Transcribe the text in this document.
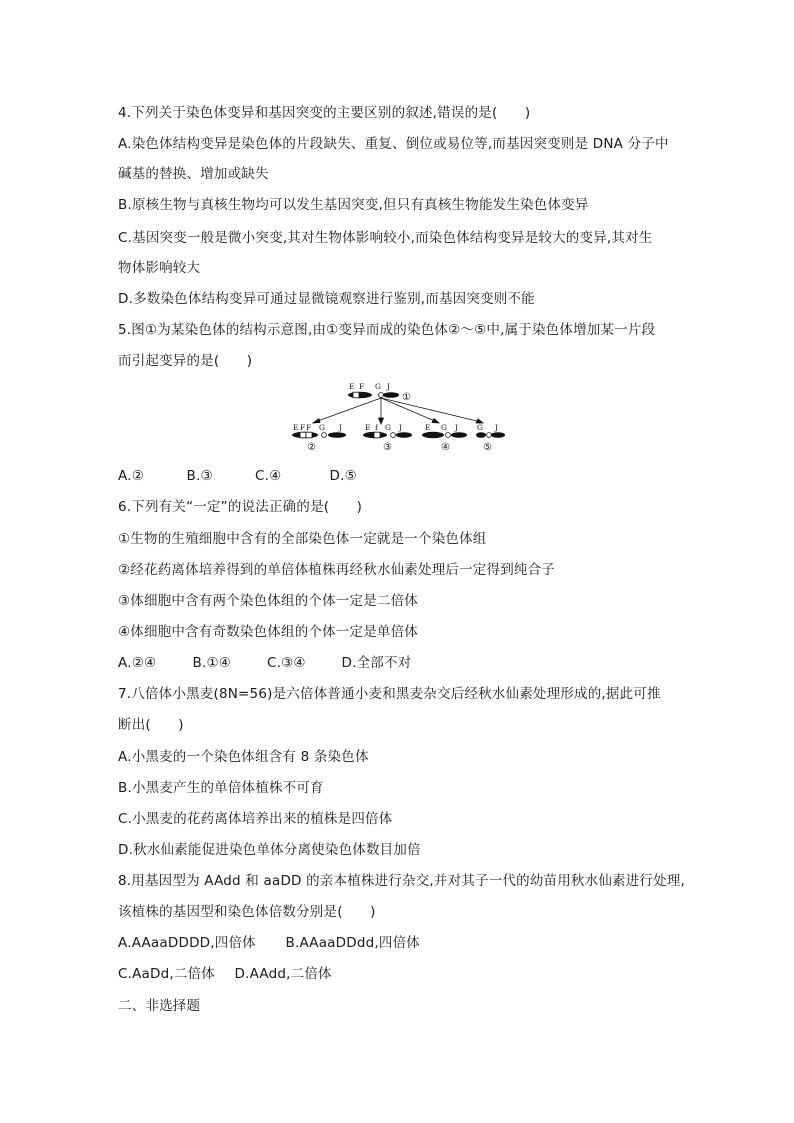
4.下列关于染色体变异和基因突变的主要区别的叙述,错误的是(　　)
A.染色体结构变异是染色体的片段缺失、重复、倒位或易位等,而基因突变则是 DNA 分子中
碱基的替换、增加或缺失
B.原核生物与真核生物均可以发生基因突变,但只有真核生物能发生染色体变异
C.基因突变一般是微小突变,其对生物体影响较小,而染色体结构变异是较大的变异,其对生
物体影响较大
D.多数染色体结构变异可通过显微镜观察进行鉴别,而基因突变则不能
5.图①为某染色体的结构示意图,由①变异而成的染色体②～⑤中,属于染色体增加某一片段
而引起变异的是(　　)
E F G J
①
E F F G J
②
E f G J
③
E G J
④
G J
⑤
A.②	B.③	C.④	D.⑤
6.下列有关“一定”的说法正确的是(　　)
①生物的生殖细胞中含有的全部染色体一定就是一个染色体组
②经花药离体培养得到的单倍体植株再经秋水仙素处理后一定得到纯合子
③体细胞中含有两个染色体组的个体一定是二倍体
④体细胞中含有奇数染色体组的个体一定是单倍体
A.②④	B.①④	C.③④	D.全部不对
7.八倍体小黑麦(8N=56)是六倍体普通小麦和黑麦杂交后经秋水仙素处理形成的,据此可推
断出(　　)
A.小黑麦的一个染色体组含有 8 条染色体
B.小黑麦产生的单倍体植株不可育
C.小黑麦的花药离体培养出来的植株是四倍体
D.秋水仙素能促进染色单体分离使染色体数目加倍
8.用基因型为 AAdd 和 aaDD 的亲本植株进行杂交,并对其子一代的幼苗用秋水仙素进行处理,
该植株的基因型和染色体倍数分别是(　　)
A.AAaaDDDD,四倍体 B.AAaaDDdd,四倍体
C.AaDd,二倍体 D.AAdd,二倍体
二、非选择题
